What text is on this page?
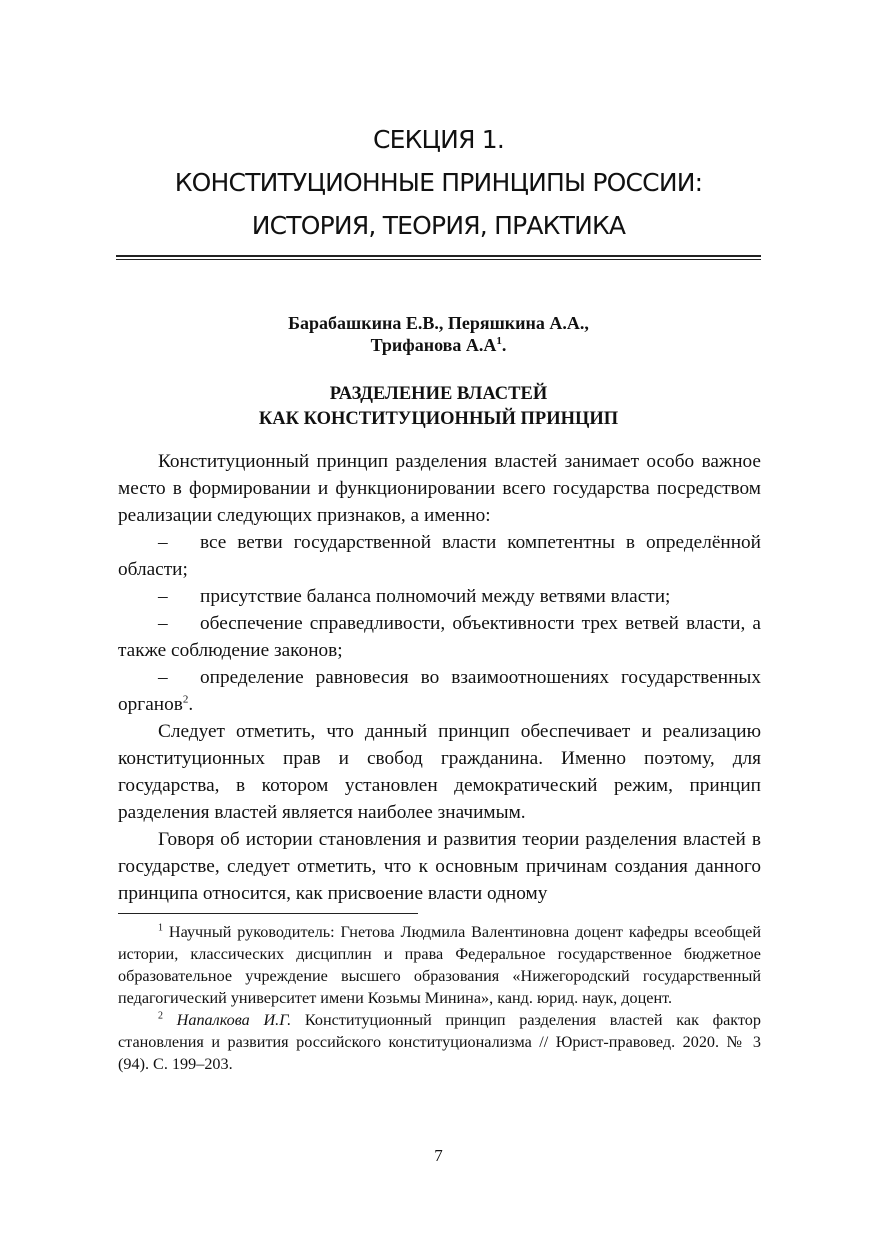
СЕКЦИЯ 1.
КОНСТИТУЦИОННЫЕ ПРИНЦИПЫ РОССИИ:
ИСТОРИЯ, ТЕОРИЯ, ПРАКТИКА
Барабашкина Е.В., Пеpяшкина А.А.,
Трифанова $А.А^1$.
РАЗДЕЛЕНИЕ ВЛАСТЕЙ
КАК КОНСТИТУЦИОННЫЙ ПРИНЦИП

Конституционный принцип разделения властей занимает особо важное место в формировании и функционировании всего государства посредством реализации следующих признаков, а именно:

– все ветви государственной власти компетентны в определённой области;

– присутствие баланса полномочий между ветвями власти;

– обеспечение справедливости, объективности трех ветвей власти, а также соблюдение законов;

– определение равновесия во взаимоотношениях государственных органов$^2$.

Следует отметить, что данный принцип обеспечивает и реализацию конституционных прав и свобод гражданина. Именно поэтому, для государства, в котором установлен демократический режим, принцип разделения властей является наиболее значимым.

Говоря об истории становления и развития теории разделения властей в государстве, следует отметить, что к основным причинам создания данного принципа относится, как присвоение власти одному

$^1$ Научный руководитель: Гнетова Людмила Валентиновна доцент кафедры всеобщей истории, классических дисциплин и права Федеральное государственное бюджетное образовательное учреждение высшего образования «Нижегородский государственный педагогический университет имени Козьмы Минина», канд. юрид. наук, доцент.

$^2$ Напалкова И.Г. Конституционный принцип разделения властей как фактор становления и развития российского конституционализма // Юрист-правовед. 2020. № 3 (94). С. 199–203.

7
